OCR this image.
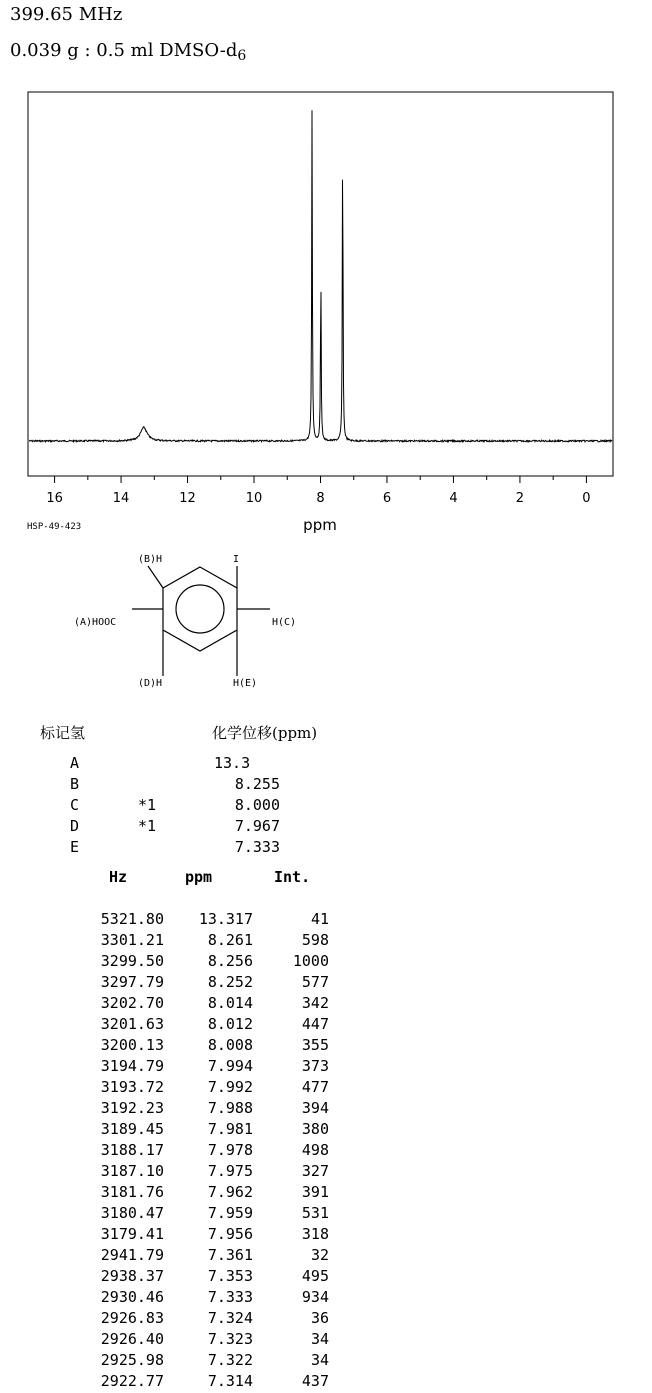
399.65 MHz
0.039 g : 0.5 ml DMSO-$d_6$
16	14	12	10	8	6	4	2	0
ppm
HSP-49-423
(B)H	I
H(C)
(A)HOOC
(D)H	H(E)
标记氢	化学位移(ppm)
A	13.3
B	8.255
C	*1	8.000
D	*1	7.967
E	7.333
Hz	ppm	Int.
5321.80	13.317	41
3301.21	8.261	598
3299.50	8.256	1000
3297.79	8.252	577
3202.70	8.014	342
3201.63	8.012	447
3200.13	8.008	355
3194.79	7.994	373
3193.72	7.992	477
3192.23	7.988	394
3189.45	7.981	380
3188.17	7.978	498
3187.10	7.975	327
3181.76	7.962	391
3180.47	7.959	531
3179.41	7.956	318
2941.79	7.361	32
2938.37	7.353	495
2930.46	7.333	934
2926.83	7.324	36
2926.40	7.323	34
2925.98	7.322	34
2922.77	7.314	437
